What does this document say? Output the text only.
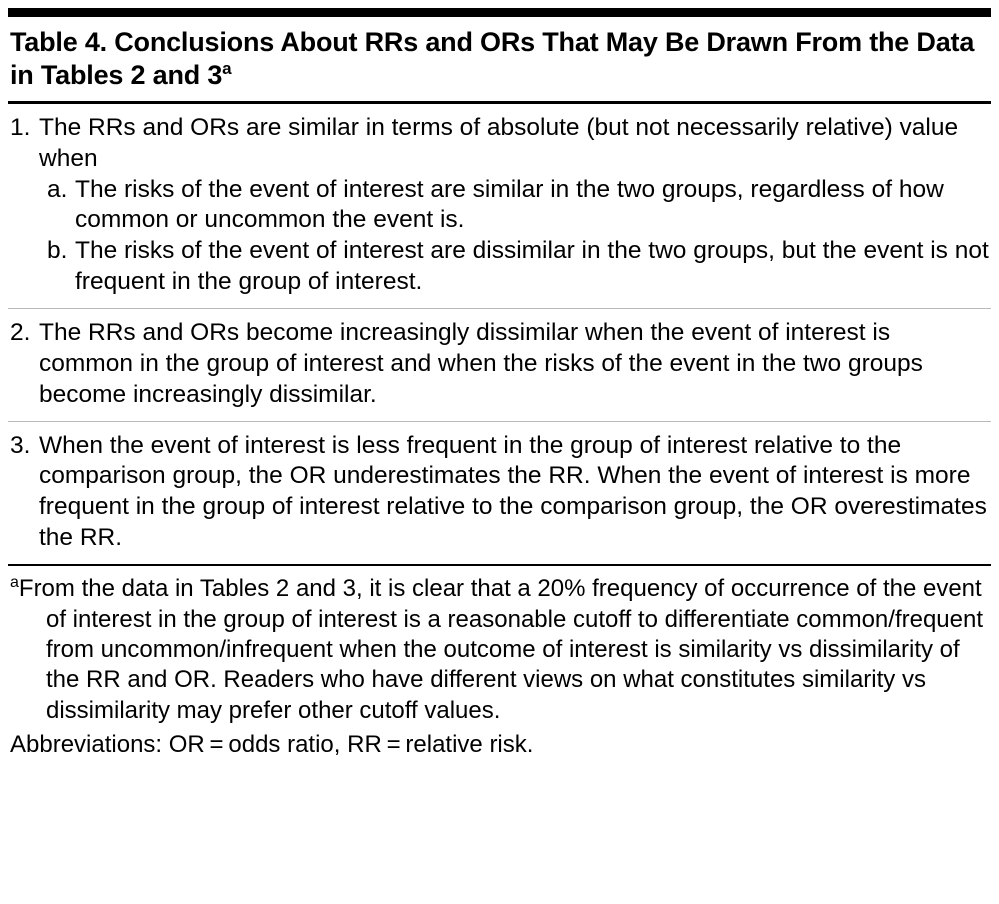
Table 4. Conclusions About RRs and ORs That May Be Drawn From the Data in Tables 2 and 3$^a$
1. The RRs and ORs are similar in terms of absolute (but not necessarily relative) value when
a. The risks of the event of interest are similar in the two groups, regardless of how common or uncommon the event is.
b. The risks of the event of interest are dissimilar in the two groups, but the event is not frequent in the group of interest.
2. The RRs and ORs become increasingly dissimilar when the event of interest is common in the group of interest and when the risks of the event in the two groups become increasingly dissimilar.
3. When the event of interest is less frequent in the group of interest relative to the comparison group, the OR underestimates the RR. When the event of interest is more frequent in the group of interest relative to the comparison group, the OR overestimates the RR.
$^a$From the data in Tables 2 and 3, it is clear that a 20% frequency of occurrence of the event of interest in the group of interest is a reasonable cutoff to differentiate common/frequent from uncommon/infrequent when the outcome of interest is similarity vs dissimilarity of the RR and OR. Readers who have different views on what constitutes similarity vs dissimilarity may prefer other cutoff values.
Abbreviations: OR = odds ratio, RR = relative risk.
